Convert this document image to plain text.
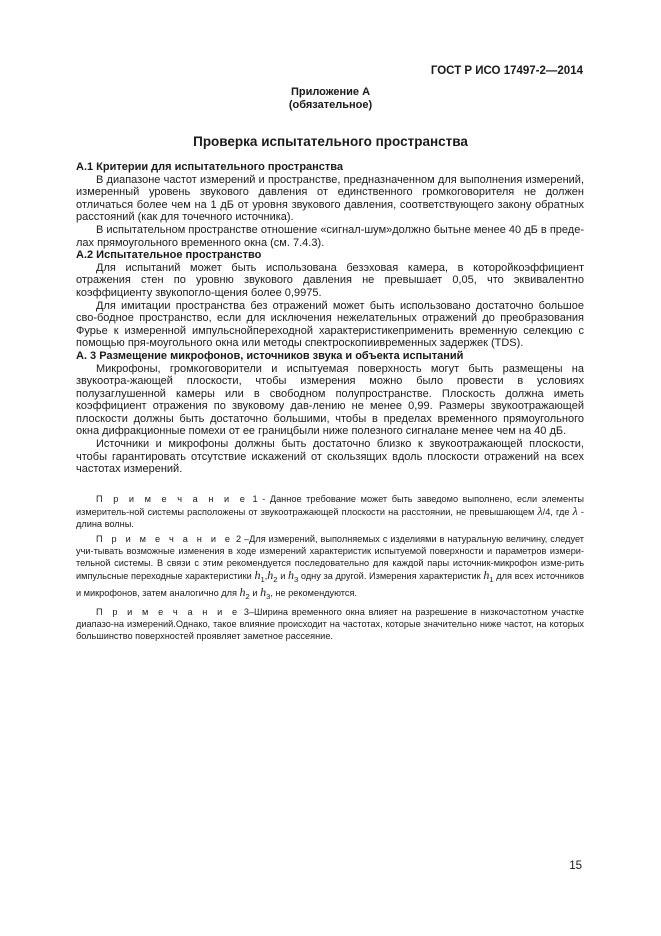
ГОСТ Р ИСО 17497-2—2014
Приложение А
(обязательное)
Проверка испытательного пространства
А.1 Критерии для испытательного пространства

В диапазоне частот измерений и пространстве, предназначенном для выполнения измерений, измеренный уровень звукового давления от единственного громкоговорителя не должен отличаться более чем на 1 дБ от уровня звукового давления, соответствующего закону обратных расстояний (как для точечного источника).

В испытательном пространстве отношение «сигнал-шум»должно бытьне менее 40 дБ в преде-лах прямоугольного временного окна (см. 7.4.3).

А.2 Испытательное пространство

Для испытаний может быть использована безэховая камера, в которойкоэффициент отражения стен по уровню звукового давления не превышает 0,05, что эквивалентно коэффициенту звукопогло-щения более 0,9975.

Для имитации пространства без отражений может быть использовано достаточно большое сво-бодное пространство, если для исключения нежелательных отражений до преобразования Фурье к измеренной импульснойпереходной характеристикеприменить временную селекцию с помощью пря-моугольного окна или методы спектроскопиивременных задержек (TDS).

А. 3 Размещение микрофонов, источников звука и объекта испытаний

Микрофоны, громкоговорители и испытуемая поверхность могут быть размещены на звукоотра-жающей плоскости, чтобы измерения можно было провести в условиях полузаглушенной камеры или в свободном полупространстве. Плоскость должна иметь коэффициент отражения по звуковому дав-лению не менее 0,99. Размеры звукоотражающей плоскости должны быть достаточно большими, чтобы в пределах временного прямоугольного окна дифракционные помехи от ее границбыли ниже полезного сигналане менее чем на 40 дБ.

Источники и микрофоны должны быть достаточно близко к звукоотражающей плоскости, чтобы гарантировать отсутствие искажений от скользящих вдоль плоскости отражений на всех частотах измерений.

П р и м е ч а н и е 1 - Данное требование может быть заведомо выполнено, если элементы измеритель-ной системы расположены от звукоотражающей плоскости на расстоянии, не превышающем λ/4, где λ - длина волны.

П р и м е ч а н и е 2 –Для измерений, выполняемых с изделиями в натуральную величину, следует учи-тывать возможные изменения в ходе измерений характеристик испытуемой поверхности и параметров измери-тельной системы. В связи с этим рекомендуется последовательно для каждой пары источник-микрофон изме-рить импульсные переходные характеристики $h_1,h_2$ и $h_3$ одну за другой. Измерения характеристик $h_1$ для всех источников и микрофонов, затем аналогично для $h_2$ и $h_3$, не рекомендуются.

П р и м е ч а н и е 3–Ширина временного окна влияет на разрешение в низкочастотном участке диапазо-на измерений.Однако, такое влияние происходит на частотах, которые значительно ниже частот, на которых большинство поверхностей проявляет заметное рассеяние.

15
